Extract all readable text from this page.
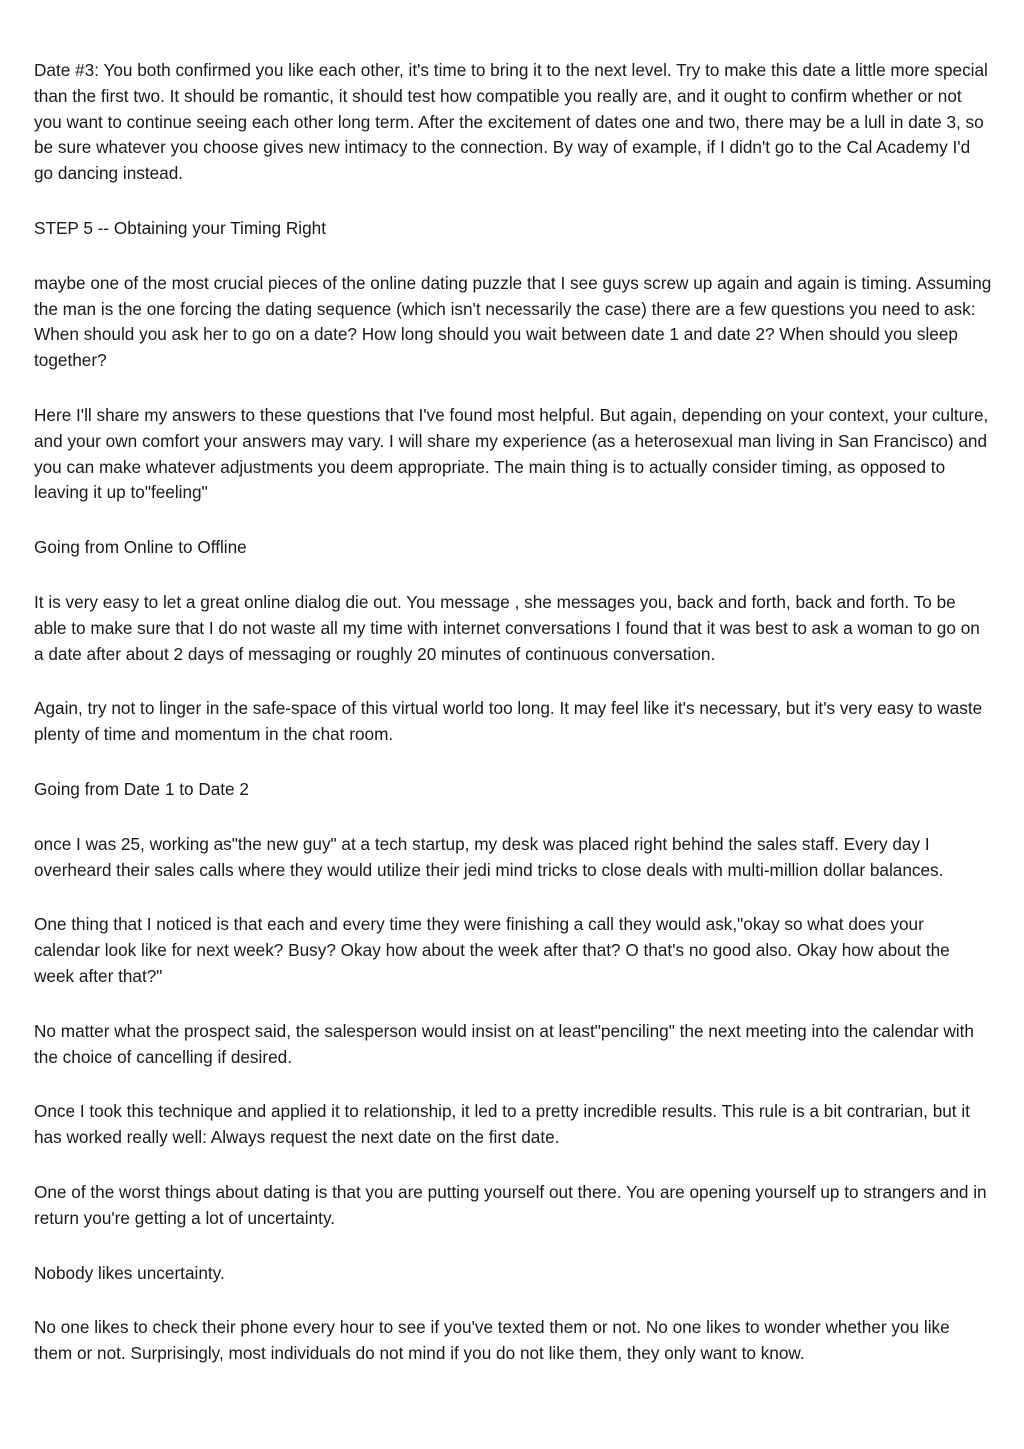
Date #3: You both confirmed you like each other, it's time to bring it to the next level. Try to make this date a little more special than the first two. It should be romantic, it should test how compatible you really are, and it ought to confirm whether or not you want to continue seeing each other long term. After the excitement of dates one and two, there may be a lull in date 3, so be sure whatever you choose gives new intimacy to the connection. By way of example, if I didn't go to the Cal Academy I'd go dancing instead.

STEP 5 -- Obtaining your Timing Right

maybe one of the most crucial pieces of the online dating puzzle that I see guys screw up again and again is timing. Assuming the man is the one forcing the dating sequence (which isn't necessarily the case) there are a few questions you need to ask: When should you ask her to go on a date? How long should you wait between date 1 and date 2? When should you sleep together?

Here I'll share my answers to these questions that I've found most helpful. But again, depending on your context, your culture, and your own comfort your answers may vary. I will share my experience (as a heterosexual man living in San Francisco) and you can make whatever adjustments you deem appropriate. The main thing is to actually consider timing, as opposed to leaving it up to"feeling"

Going from Online to Offline

It is very easy to let a great online dialog die out. You message , she messages you, back and forth, back and forth. To be able to make sure that I do not waste all my time with internet conversations I found that it was best to ask a woman to go on a date after about 2 days of messaging or roughly 20 minutes of continuous conversation.

Again, try not to linger in the safe-space of this virtual world too long. It may feel like it's necessary, but it's very easy to waste plenty of time and momentum in the chat room.

Going from Date 1 to Date 2

once I was 25, working as"the new guy" at a tech startup, my desk was placed right behind the sales staff. Every day I overheard their sales calls where they would utilize their jedi mind tricks to close deals with multi-million dollar balances.

One thing that I noticed is that each and every time they were finishing a call they would ask,"okay so what does your calendar look like for next week? Busy? Okay how about the week after that? O that's no good also. Okay how about the week after that?"

No matter what the prospect said, the salesperson would insist on at least"penciling" the next meeting into the calendar with the choice of cancelling if desired.

Once I took this technique and applied it to relationship, it led to a pretty incredible results. This rule is a bit contrarian, but it has worked really well: Always request the next date on the first date.

One of the worst things about dating is that you are putting yourself out there. You are opening yourself up to strangers and in return you're getting a lot of uncertainty.

Nobody likes uncertainty.

No one likes to check their phone every hour to see if you've texted them or not. No one likes to wonder whether you like them or not. Surprisingly, most individuals do not mind if you do not like them, they only want to know.
